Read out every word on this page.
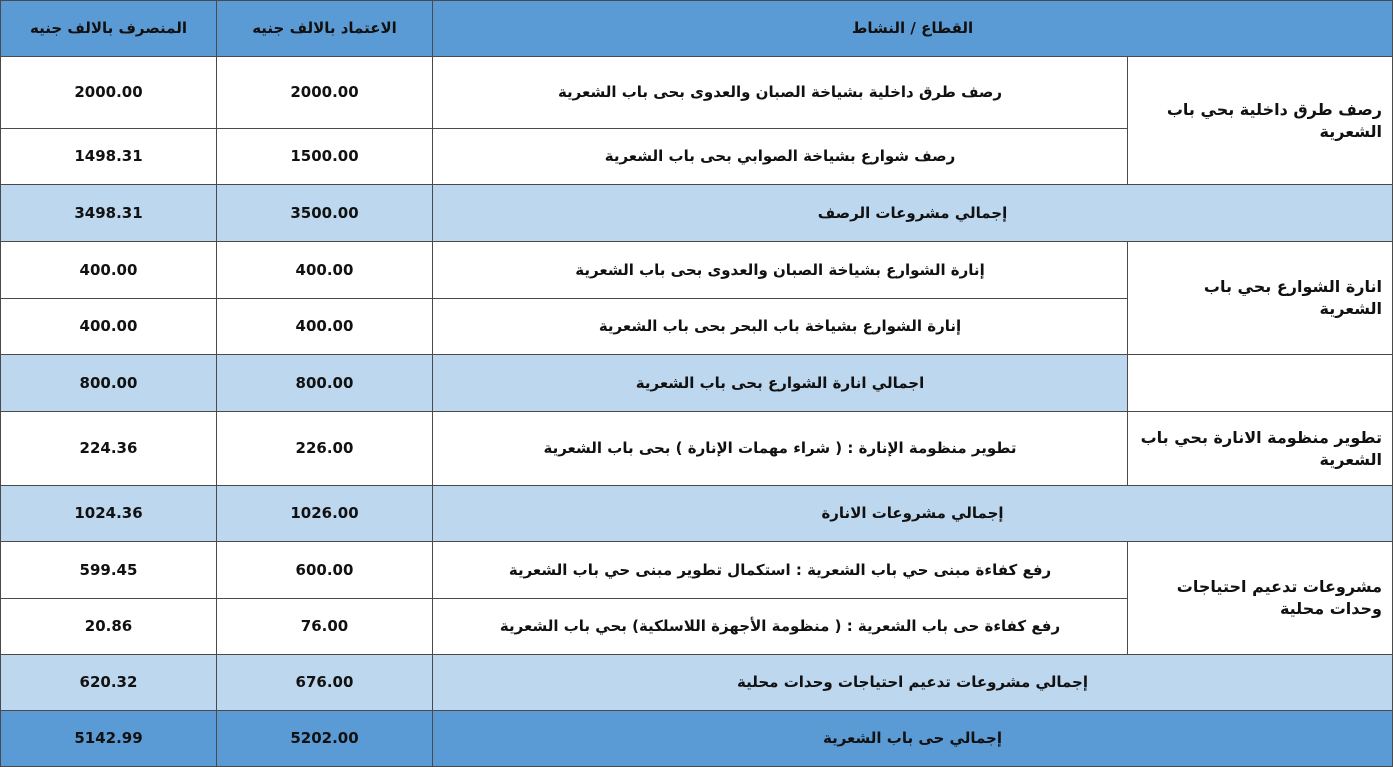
القطاع / النشاط
الاعتماد بالالف جنيه
المنصرف بالالف جنيه
رصف طرق داخلية بحي باب الشعرية
رصف طرق داخلية بشياخة الصبان والعدوى بحى باب الشعرية
2000.00
2000.00
رصف شوارع بشياخة الصوابي بحى باب الشعرية
1500.00
1498.31
إجمالي مشروعات الرصف
3500.00
3498.31
انارة الشوارع بحي باب الشعرية
إنارة الشوارع بشياخة الصبان والعدوى بحى باب الشعرية
400.00
400.00
إنارة الشوارع بشياخة باب البحر بحى باب الشعرية
400.00
400.00
اجمالي انارة الشوارع بحى باب الشعرية
800.00
800.00
تطوير منظومة الانارة بحي باب الشعرية
تطوير منظومة الإنارة : ( شراء مهمات الإنارة ) بحى باب الشعرية
226.00
224.36
إجمالي مشروعات الانارة
1026.00
1024.36
مشروعات تدعيم احتياجات وحدات محلية
رفع كفاءة مبنى حي باب الشعرية : استكمال تطوير مبنى حي باب الشعرية
600.00
599.45
رفع كفاءة حى باب الشعرية : ( منظومة الأجهزة اللاسلكية) بحي باب الشعرية
76.00
20.86
إجمالي مشروعات تدعيم احتياجات وحدات محلية
676.00
620.32
إجمالي حى باب الشعرية
5202.00
5142.99
